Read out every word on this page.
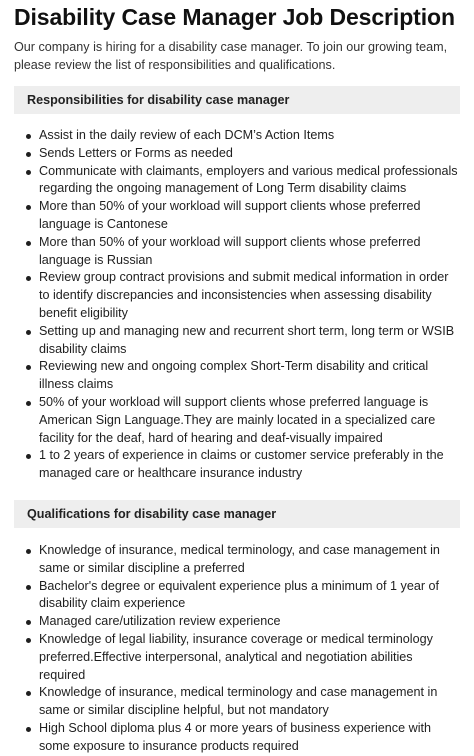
Disability Case Manager Job Description

Our company is hiring for a disability case manager. To join our growing team, please review the list of responsibilities and qualifications.

Responsibilities for disability case manager
Assist in the daily review of each DCM’s Action Items
Sends Letters or Forms as needed
Communicate with claimants, employers and various medical professionals regarding the ongoing management of Long Term disability claims
More than 50% of your workload will support clients whose preferred language is Cantonese
More than 50% of your workload will support clients whose preferred language is Russian
Review group contract provisions and submit medical information in order to identify discrepancies and inconsistencies when assessing disability benefit eligibility
Setting up and managing new and recurrent short term, long term or WSIB disability claims
Reviewing new and ongoing complex Short-Term disability and critical illness claims
50% of your workload will support clients whose preferred language is American Sign Language.They are mainly located in a specialized care facility for the deaf, hard of hearing and deaf-visually impaired
1 to 2 years of experience in claims or customer service preferably in the managed care or healthcare insurance industry
Qualifications for disability case manager
Knowledge of insurance, medical terminology, and case management in same or similar discipline a preferred
Bachelor's degree or equivalent experience plus a minimum of 1 year of disability claim experience
Managed care/utilization review experience
Knowledge of legal liability, insurance coverage or medical terminology preferred.Effective interpersonal, analytical and negotiation abilities required
Knowledge of insurance, medical terminology and case management in same or similar discipline helpful, but not mandatory
High School diploma plus 4 or more years of business experience with some exposure to insurance products required
